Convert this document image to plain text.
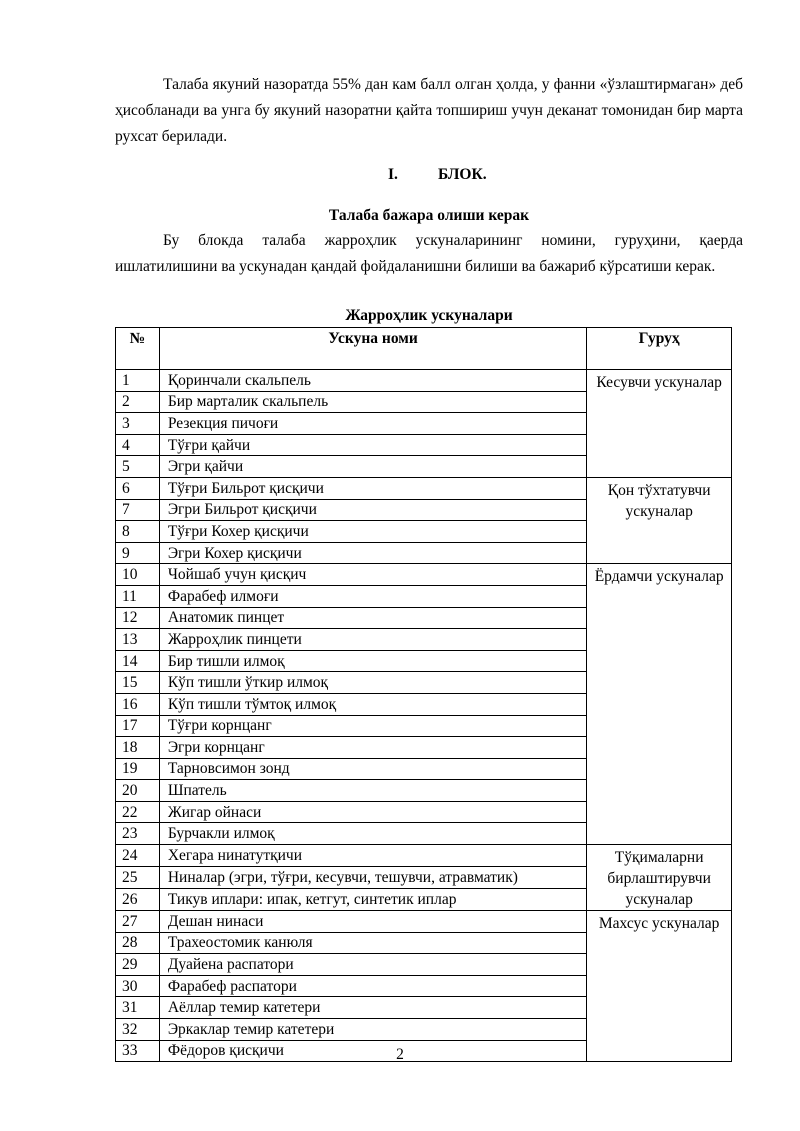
Талаба якуний назоратда 55% дан кам балл олган ҳолда, у фанни «ўзлаштирмаган» деб ҳисобланади ва унга бу якуний назоратни қайта топшириш учун деканат томонидан бир марта рухсат берилади.

I.	БЛОК.

Талаба бажара олиши керак

Бу блокда талаба жарроҳлик ускуналарининг номини, гуруҳини, қаерда ишлатилишини ва ускунадан қандай фойдаланишни билиши ва бажариб кўрсатиши керак.

Жарроҳлик ускуналари

№	Ускуна номи	Гуруҳ
1	Қоринчали скальпель	Кесувчи ускуналар
2	Бир марталик скальпель	
3	Резекция пичоғи	
4	Тўғри қайчи	
5	Эгри қайчи	
6	Тўғри Бильрот қисқичи	Қон тўхтатувчи ускуналар
7	Эгри Бильрот қисқичи	
8	Тўғри Кохер қисқичи	
9	Эгри Кохер қисқичи	
10	Чойшаб учун қисқич	Ёрдамчи ускуналар
11	Фарабеф илмоғи	
12	Анатомик пинцет	
13	Жарроҳлик пинцети	
14	Бир тишли илмоқ	
15	Кўп тишли ўткир илмоқ	
16	Кўп тишли тўмтоқ илмоқ	
17	Тўғри корнцанг	
18	Эгри корнцанг	
19	Тарновсимон зонд	
20	Шпатель	
22	Жигар ойнаси	
23	Бурчакли илмоқ	
24	Хегара нинатутқичи	Тўқималарни бирлаштирувчи ускуналар
25	Ниналар (эгри, тўғри, кесувчи, тешувчи, атравматик)	
26	Тикув иплари: ипак, кетгут, синтетик иплар	
27	Дешан нинаси	Махсус ускуналар
28	Трахеостомик канюля	
29	Дуайена распатори	
30	Фарабеф распатори	
31	Аёллар темир катетери	
32	Эркаклар темир катетери	
33	Фёдоров қисқичи		2
